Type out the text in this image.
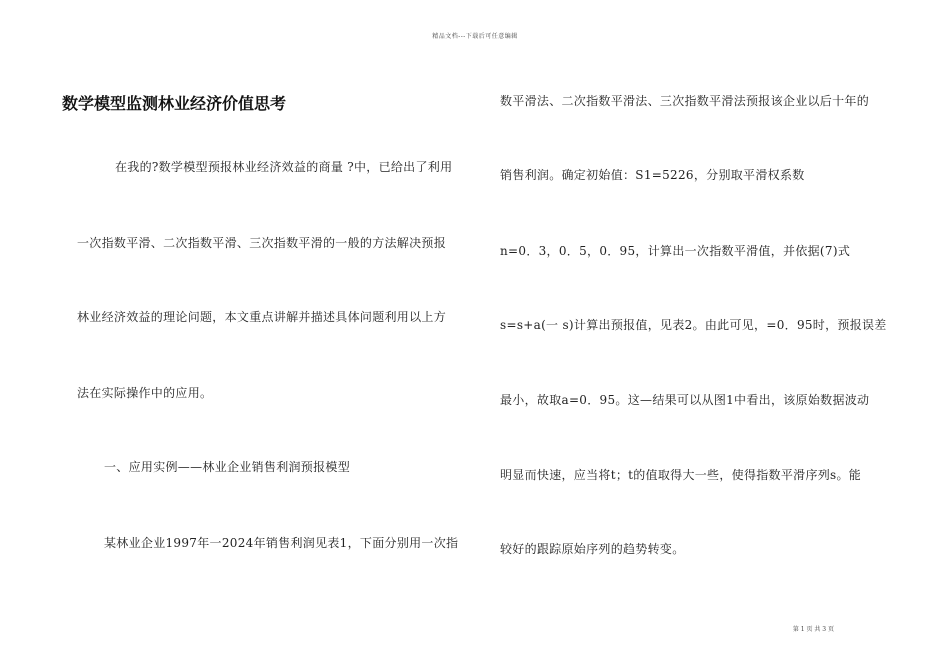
精品文档---下载后可任意编辑
数学模型监测林业经济价值思考
在我的?数学模型预报林业经济效益的商量 ?中，已给出了利用
一次指数平滑、二次指数平滑、三次指数平滑的一般的方法解决预报
林业经济效益的理论问题，本文重点讲解并描述具体问题利用以上方
法在实际操作中的应用。
一、应用实例——林业企业销售利润预报模型
某林业企业1997年一2024年销售利润见表1，下面分别用一次指
数平滑法、二次指数平滑法、三次指数平滑法预报该企业以后十年的
销售利润。确定初始值：S1=5226，分别取平滑权系数
n=0．3，0．5，0．95，计算出一次指数平滑值，并依据(7)式
s=s+a(一 s)计算出预报值，见表2。由此可见，=0．95时，预报误差
最小，故取a=0．95。这—结果可以从图1中看出，该原始数据波动
明显而快速，应当将t；t的值取得大一些，使得指数平滑序列s。能
较好的跟踪原始序列的趋势转变。
第 1 页 共 3 页
